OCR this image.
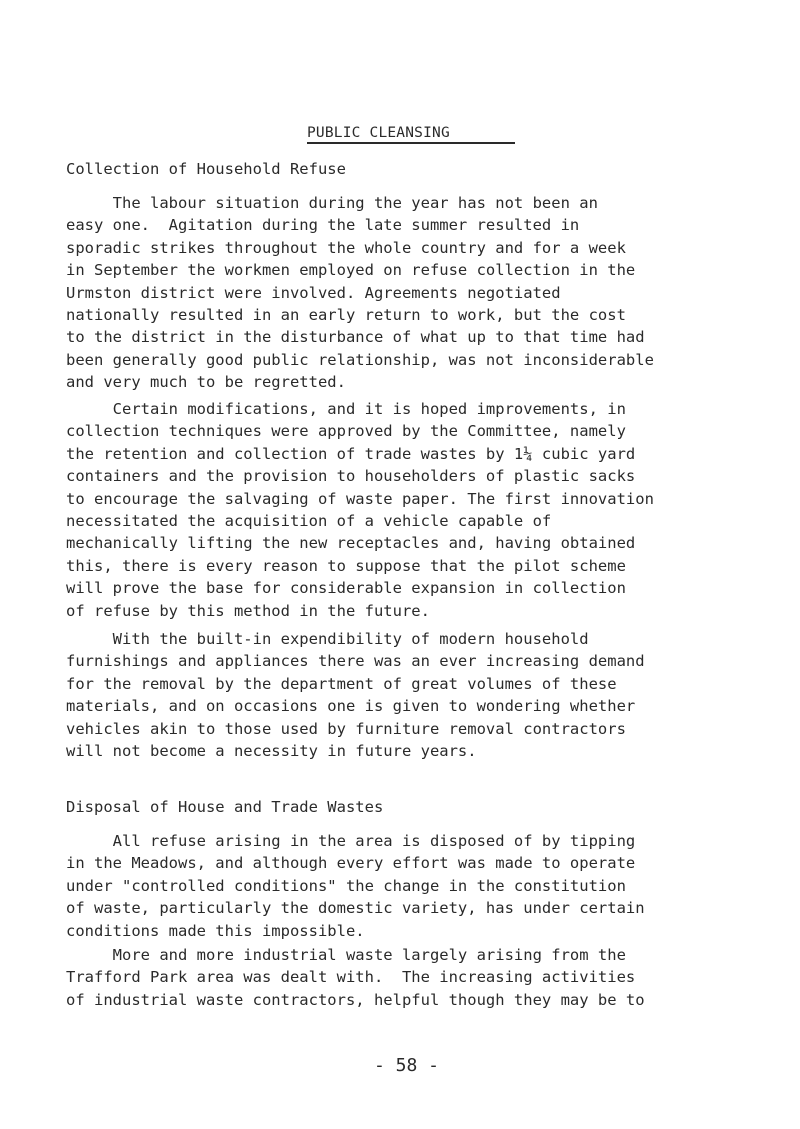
PUBLIC CLEANSING
Collection of Household Refuse

The labour situation during the year has not been an
easy one.  Agitation during the late summer resulted in
sporadic strikes throughout the whole country and for a week
in September the workmen employed on refuse collection in the
Urmston district were involved. Agreements negotiated
nationally resulted in an early return to work, but the cost
to the district in the disturbance of what up to that time had
been generally good public relationship, was not inconsiderable
and very much to be regretted.

Certain modifications, and it is hoped improvements, in
collection techniques were approved by the Committee, namely
the retention and collection of trade wastes by 1¼ cubic yard
containers and the provision to householders of plastic sacks
to encourage the salvaging of waste paper. The first innovation
necessitated the acquisition of a vehicle capable of
mechanically lifting the new receptacles and, having obtained
this, there is every reason to suppose that the pilot scheme
will prove the base for considerable expansion in collection
of refuse by this method in the future.

With the built-in expendibility of modern household
furnishings and appliances there was an ever increasing demand
for the removal by the department of great volumes of these
materials, and on occasions one is given to wondering whether
vehicles akin to those used by furniture removal contractors
will not become a necessity in future years.

Disposal of House and Trade Wastes

All refuse arising in the area is disposed of by tipping
in the Meadows, and although every effort was made to operate
under "controlled conditions" the change in the constitution
of waste, particularly the domestic variety, has under certain
conditions made this impossible.

More and more industrial waste largely arising from the
Trafford Park area was dealt with.  The increasing activities
of industrial waste contractors, helpful though they may be to

- 58 -
